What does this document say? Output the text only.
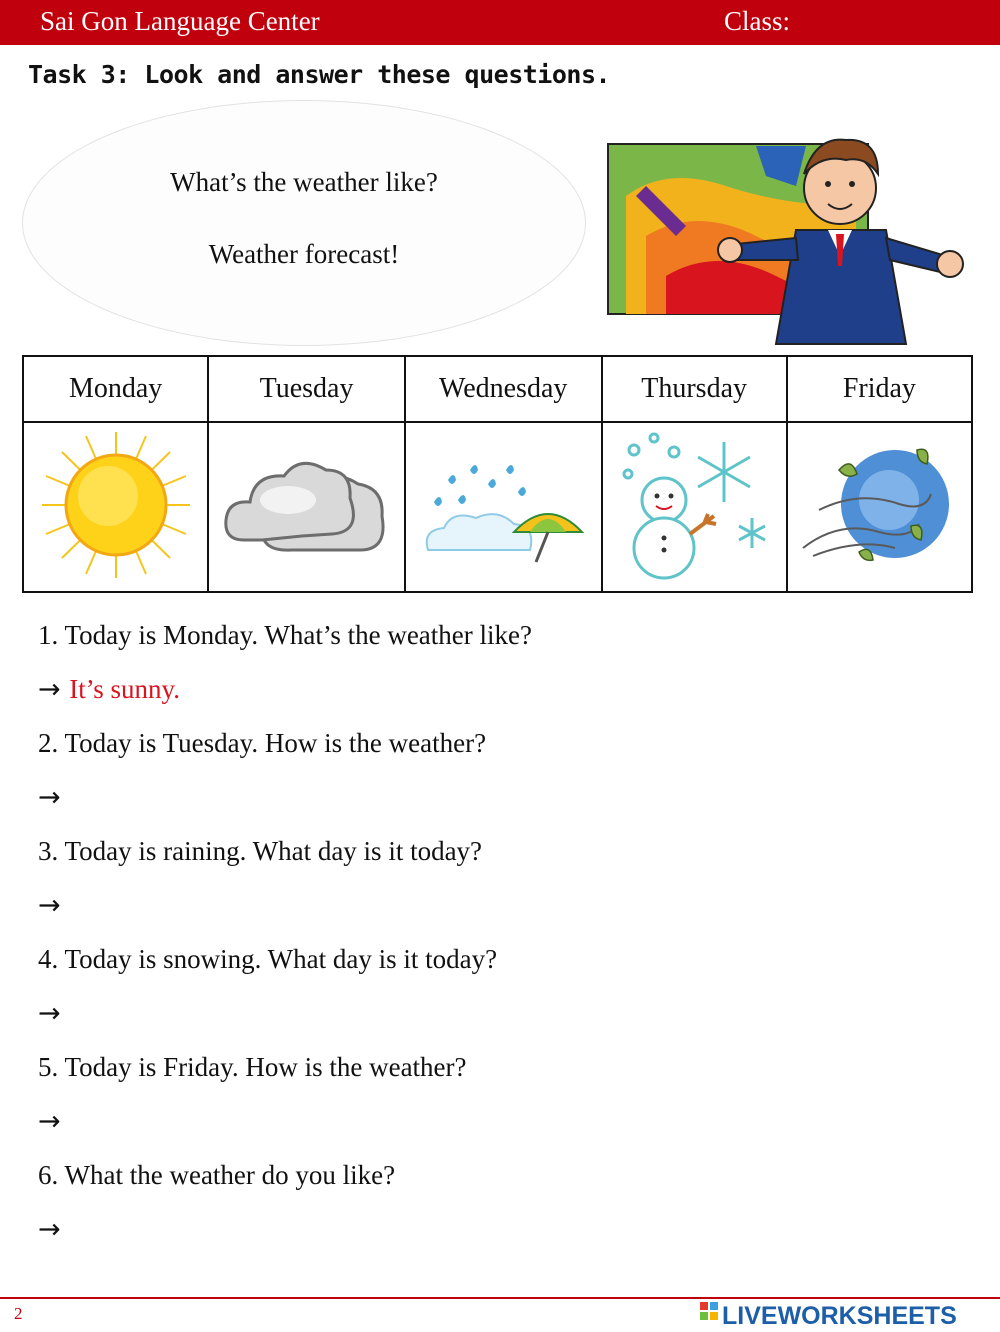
Sai Gon Language Center	Class:
Task 3: Look and answer these questions.
What’s the weather like?
Weather forecast!
Monday	Tuesday	Wednesday	Thursday	Friday

1. Today is Monday. What’s the weather like?
→ It’s sunny.
2. Today is Tuesday. How is the weather?
→
3. Today is raining. What day is it today?
→
4. Today is snowing. What day is it today?
→
5. Today is Friday. How is the weather?
→
6. What the weather do you like?
→
2	LIVEWORKSHEETS
